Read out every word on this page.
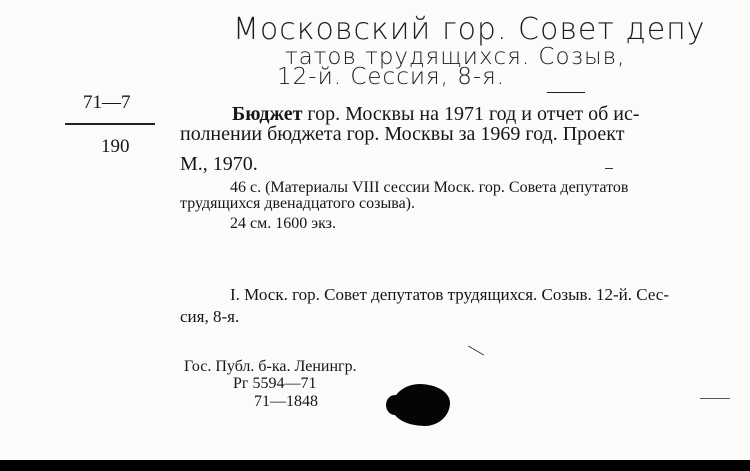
Московский гор. Совет депу
татов трудящихся. Созыв,
12-й. Сессия, 8-я.
71—7
190
Бюджет гор. Москвы на 1971 год и отчет об ис-
полнении бюджета гор. Москвы за 1969 год. Проект
М., 1970.
46 с. (Материалы VIII сессии Моск. гор. Совета депутатов
трудящихся двенадцатого созыва).
24 см. 1600 экз.
I. Моск. гор. Совет депутатов трудящихся. Созыв. 12-й. Сес-
сия, 8-я.
Гос. Публ. б-ка. Ленингр.
Рг 5594—71
71—1848
